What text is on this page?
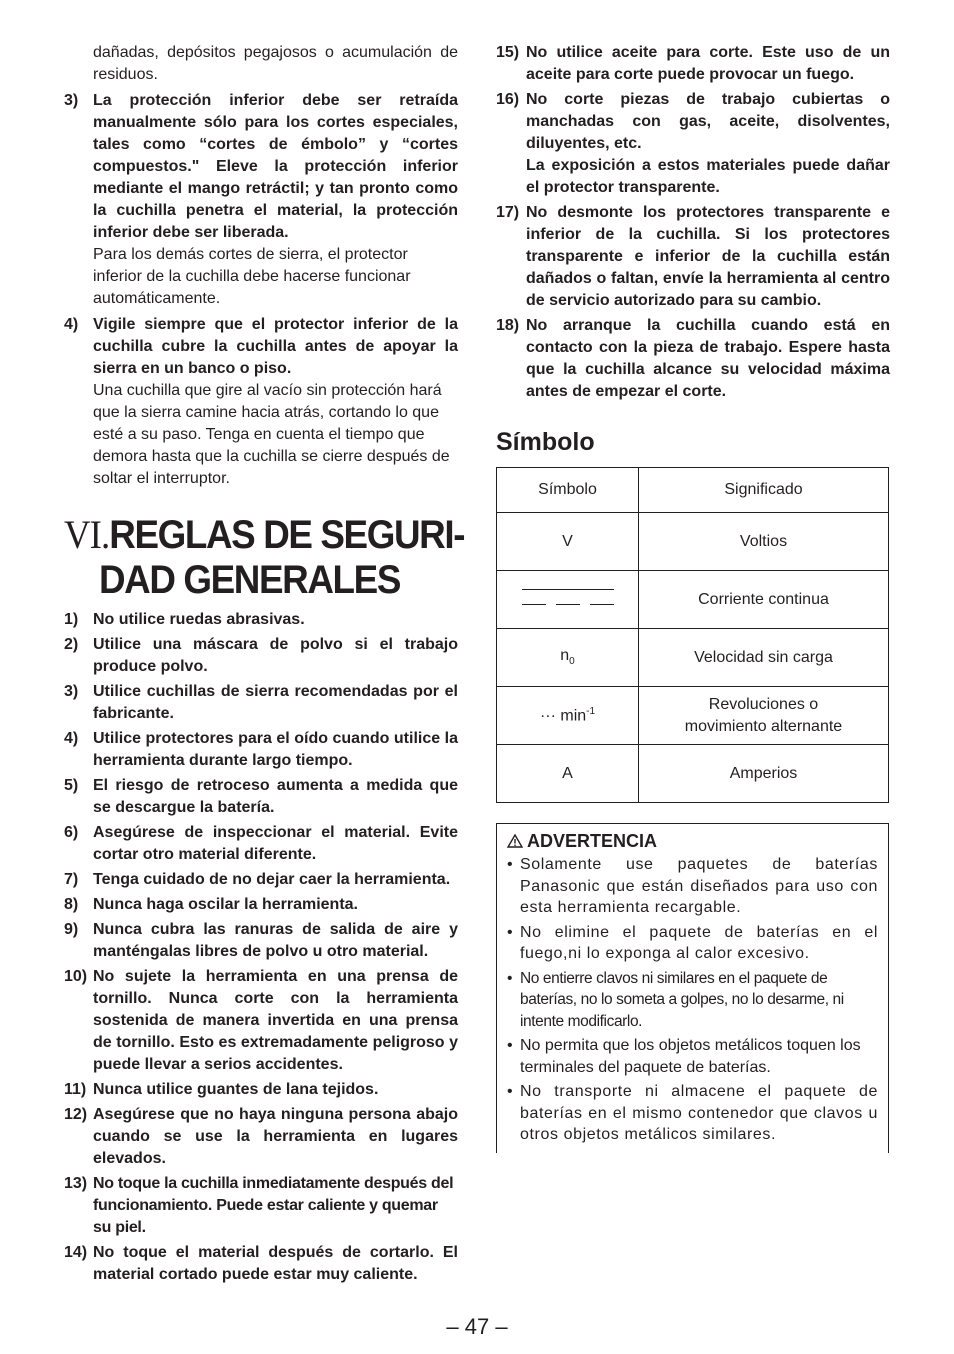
dañadas, depósitos pegajosos o acumulación de residuos.

3) La protección inferior debe ser retraída manualmente sólo para los cortes especiales, tales como “cortes de émbolo” y “cortes compuestos." Eleve la protección inferior mediante el mango retráctil; y tan pronto como la cuchilla penetra el material, la protección inferior debe ser liberada.

Para los demás cortes de sierra, el protector inferior de la cuchilla debe hacerse funcionar automáticamente.

4) Vigile siempre que el protector inferior de la cuchilla cubre la cuchilla antes de apoyar la sierra en un banco o piso.

Una cuchilla que gire al vacío sin protección hará que la sierra camine hacia atrás, cortando lo que esté a su paso. Tenga en cuenta el tiempo que demora hasta que la cuchilla se cierre después de soltar el interruptor.

VI.REGLAS DE SEGURI-
DAD GENERALES
1) No utilice ruedas abrasivas.
2) Utilice una máscara de polvo si el trabajo produce polvo.
3) Utilice cuchillas de sierra recomendadas por el fabricante.
4) Utilice protectores para el oído cuando utilice la herramienta durante largo tiempo.
5) El riesgo de retroceso aumenta a medida que se descargue la batería.
6) Asegúrese de inspeccionar el material. Evite cortar otro material diferente.
7) Tenga cuidado de no dejar caer la herramienta.
8) Nunca haga oscilar la herramienta.
9) Nunca cubra las ranuras de salida de aire y manténgalas libres de polvo u otro material.
10) No sujete la herramienta en una prensa de tornillo. Nunca corte con la herramienta sostenida de manera invertida en una prensa de tornillo. Esto es extremadamente peligroso y puede llevar a serios accidentes.
11) Nunca utilice guantes de lana tejidos.
12) Asegúrese que no haya ninguna persona abajo cuando se use la herramienta en lugares elevados.
13) No toque la cuchilla inmediatamente después del funcionamiento. Puede estar caliente y quemar su piel.
14) No toque el material después de cortarlo. El material cortado puede estar muy caliente.
15) No utilice aceite para corte. Este uso de un aceite para corte puede provocar un fuego.
16) No corte piezas de trabajo cubiertas o manchadas con gas, aceite, disolventes, diluyentes, etc.
La exposición a estos materiales puede dañar el protector transparente.
17) No desmonte los protectores transparente e inferior de la cuchilla. Si los protectores transparente e inferior de la cuchilla están dañados o faltan, envíe la herramienta al centro de servicio autorizado para su cambio.
18) No arranque la cuchilla cuando está en contacto con la pieza de trabajo. Espere hasta que la cuchilla alcance su velocidad máxima antes de empezar el corte.
Símbolo
Símbolo	Significado
V	Voltios

	Corriente continua
$n_0$	Velocidad sin carga
··· $\min^{-1}$	Revoluciones o
movimiento alternante

A	Amperios
ADVERTENCIA
• Solamente use paquetes de baterías Panasonic que están diseñados para uso con esta herramienta recargable.
• No elimine el paquete de baterías en el fuego,ni lo exponga al calor excesivo.
• No entierre clavos ni similares en el paquete de baterías, no lo someta a golpes, no lo desarme, ni intente modificarlo.
• No permita que los objetos metálicos toquen los terminales del paquete de baterías.
• No transporte ni almacene el paquete de baterías en el mismo contenedor que clavos u otros objetos metálicos similares.
– 47 –
